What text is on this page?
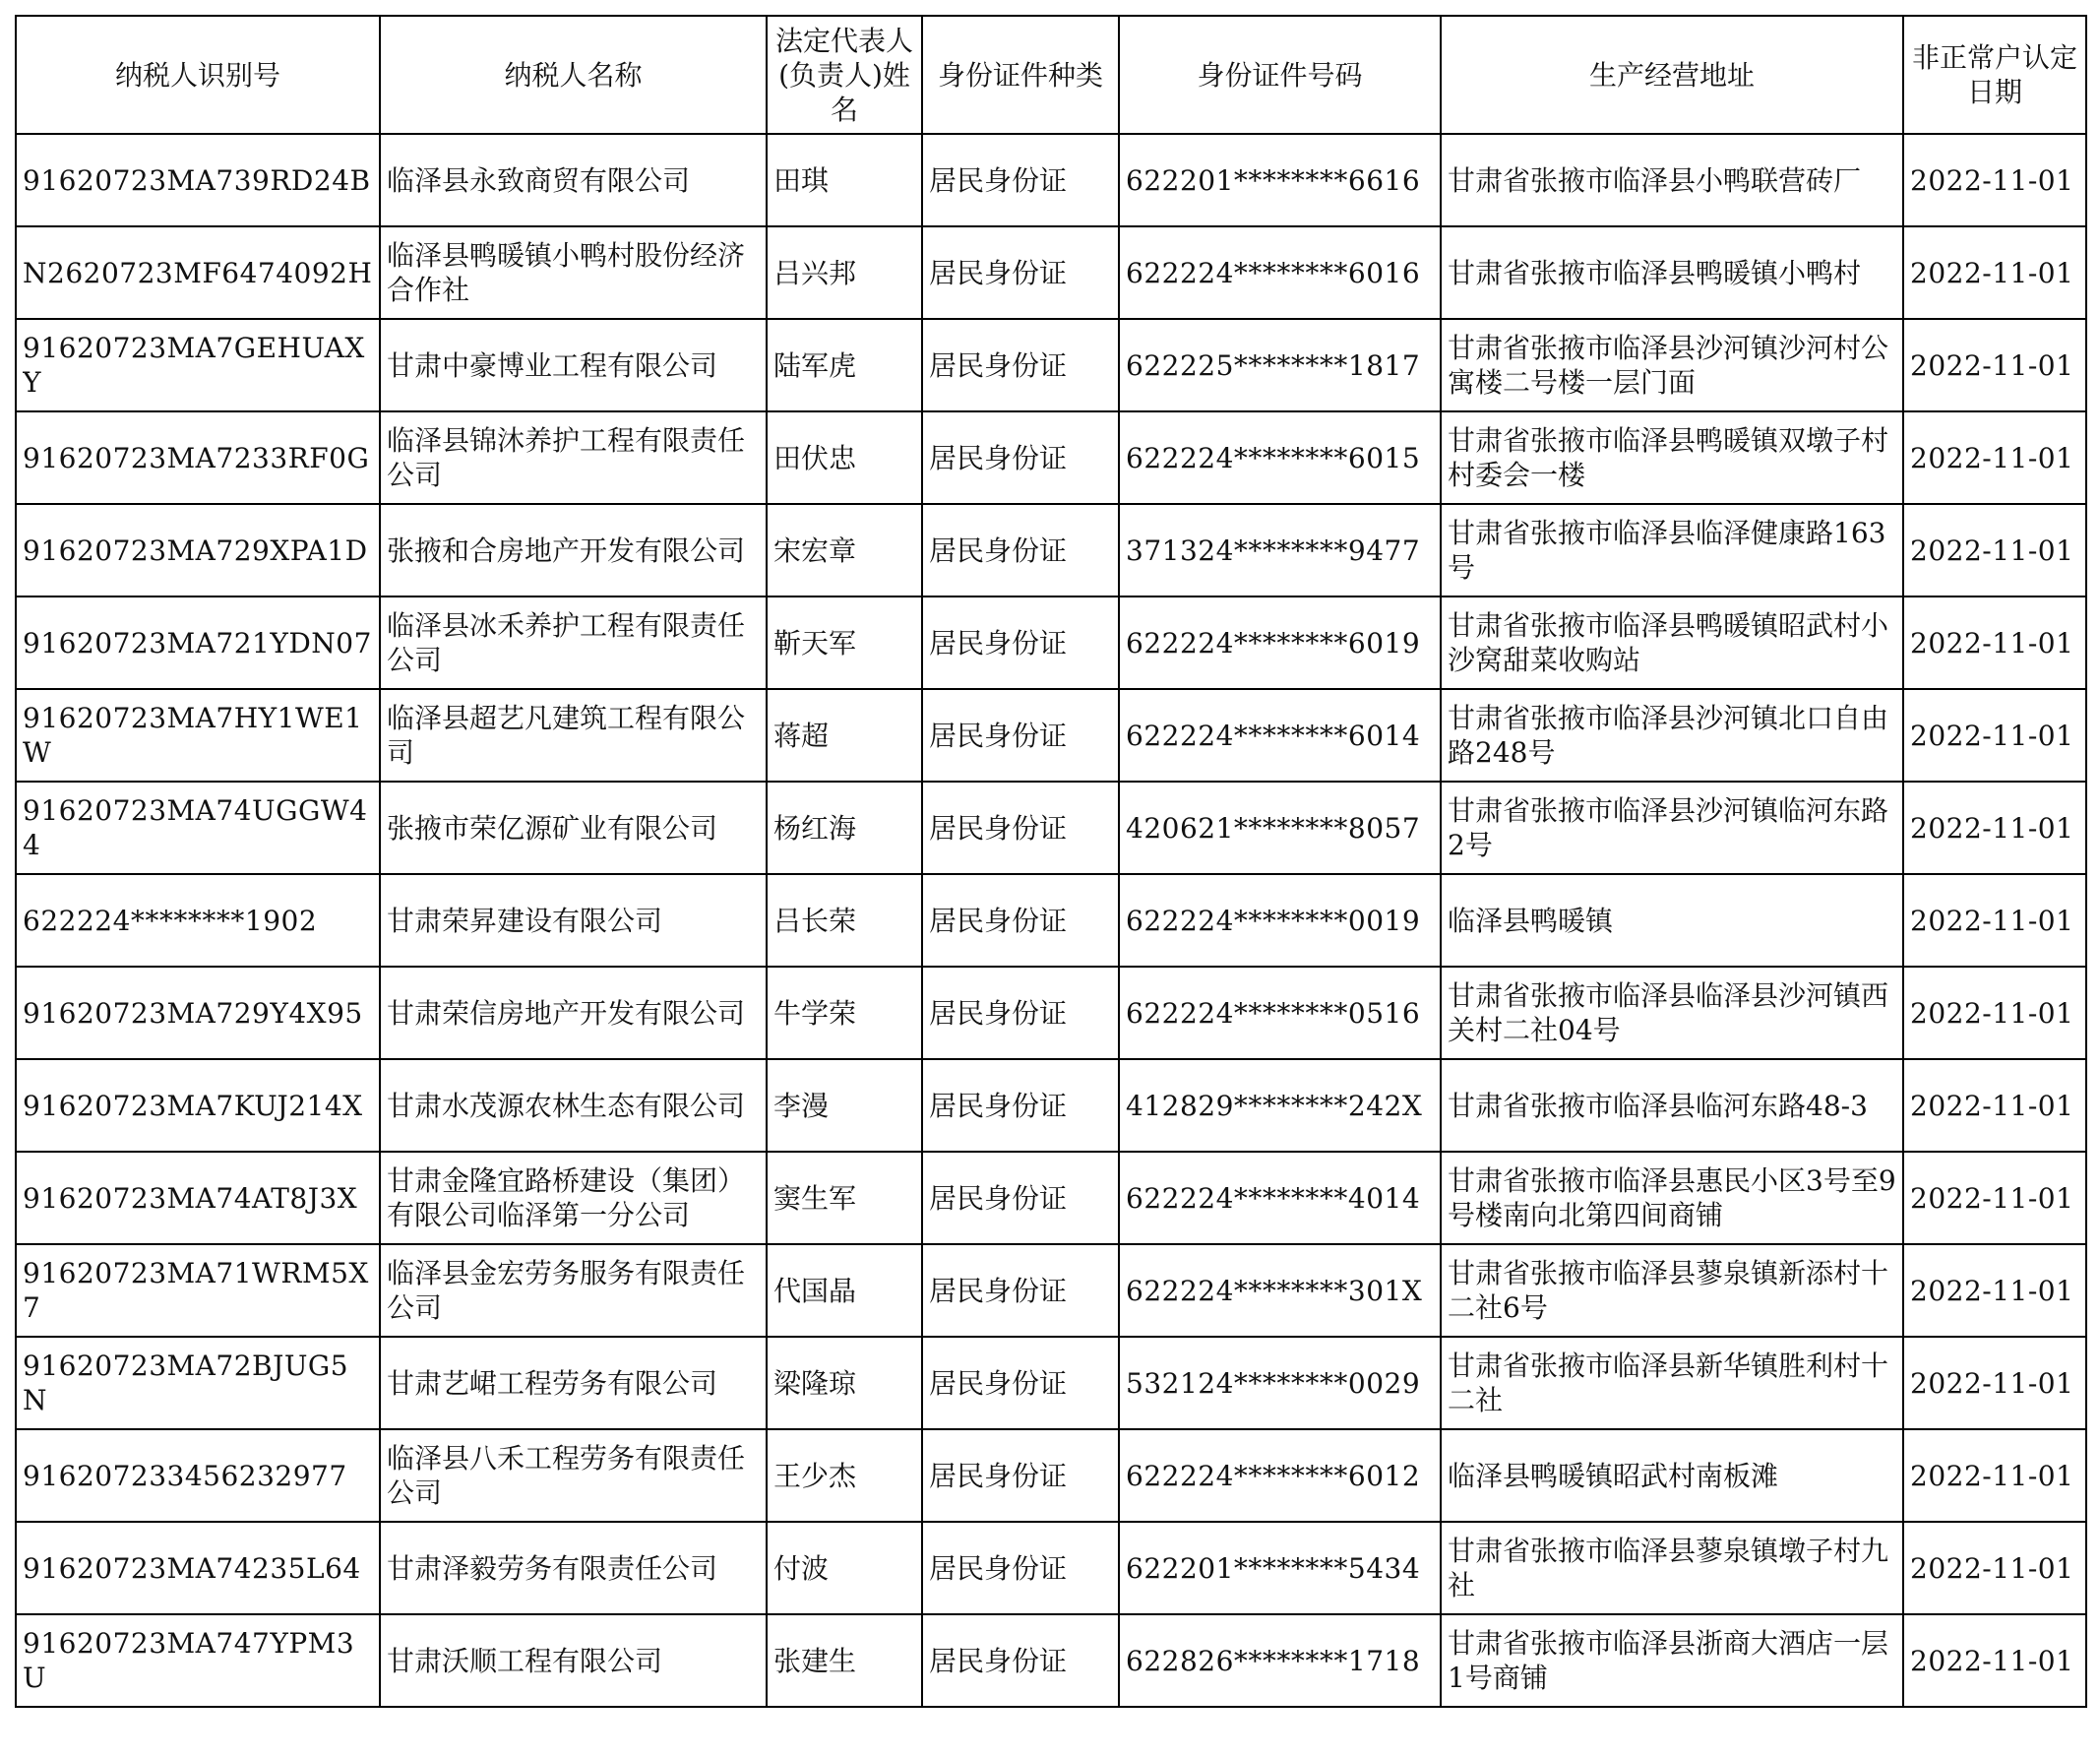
纳税人识别号	纳税人名称	法定代表人(负责人)姓名	身份证件种类	身份证件号码	生产经营地址	非正常户认定日期

91620723MA739RD24B	临泽县永致商贸有限公司	田琪	居民身份证	622201********6616	甘肃省张掖市临泽县小鸭联营砖厂	2022-11-01

N2620723MF6474092H	临泽县鸭暖镇小鸭村股份经济合作社	吕兴邦	居民身份证	622224********6016	甘肃省张掖市临泽县鸭暖镇小鸭村	2022-11-01

91620723MA7GEHUAXY	甘肃中豪博业工程有限公司	陆军虎	居民身份证	622225********1817	甘肃省张掖市临泽县沙河镇沙河村公寓楼二号楼一层门面	2022-11-01

91620723MA7233RF0G	临泽县锦沐养护工程有限责任公司	田伏忠	居民身份证	622224********6015	甘肃省张掖市临泽县鸭暖镇双墩子村村委会一楼	2022-11-01

91620723MA729XPA1D	张掖和合房地产开发有限公司	宋宏章	居民身份证	371324********9477	甘肃省张掖市临泽县临泽健康路163号	2022-11-01

91620723MA721YDN07	临泽县冰禾养护工程有限责任公司	靳天军	居民身份证	622224********6019	甘肃省张掖市临泽县鸭暖镇昭武村小沙窝甜菜收购站	2022-11-01

91620723MA7HY1WE1W	临泽县超艺凡建筑工程有限公司	蒋超	居民身份证	622224********6014	甘肃省张掖市临泽县沙河镇北口自由路248号	2022-11-01

91620723MA74UGGW44	张掖市荣亿源矿业有限公司	杨红海	居民身份证	420621********8057	甘肃省张掖市临泽县沙河镇临河东路2号	2022-11-01

622224********1902	甘肃荣昇建设有限公司	吕长荣	居民身份证	622224********0019	临泽县鸭暖镇	2022-11-01

91620723MA729Y4X95	甘肃荣信房地产开发有限公司	牛学荣	居民身份证	622224********0516	甘肃省张掖市临泽县临泽县沙河镇西关村二社04号	2022-11-01

91620723MA7KUJ214X	甘肃水茂源农林生态有限公司	李漫	居民身份证	412829********242X	甘肃省张掖市临泽县临河东路48-3	2022-11-01

91620723MA74AT8J3X	甘肃金隆宜路桥建设（集团）有限公司临泽第一分公司	窦生军	居民身份证	622224********4014	甘肃省张掖市临泽县惠民小区3号至9号楼南向北第四间商铺	2022-11-01

91620723MA71WRM5X7	临泽县金宏劳务服务有限责任公司	代国晶	居民身份证	622224********301X	甘肃省张掖市临泽县蓼泉镇新添村十二社6号	2022-11-01

91620723MA72BJUG5N	甘肃艺峮工程劳务有限公司	梁隆琼	居民身份证	532124********0029	甘肃省张掖市临泽县新华镇胜利村十二社	2022-11-01

916207233456232977	临泽县八禾工程劳务有限责任公司	王少杰	居民身份证	622224********6012	临泽县鸭暖镇昭武村南板滩	2022-11-01

91620723MA74235L64	甘肃泽毅劳务有限责任公司	付波	居民身份证	622201********5434	甘肃省张掖市临泽县蓼泉镇墩子村九社	2022-11-01

91620723MA747YPM3U	甘肃沃顺工程有限公司	张建生	居民身份证	622826********1718	甘肃省张掖市临泽县浙商大酒店一层1号商铺	2022-11-01
